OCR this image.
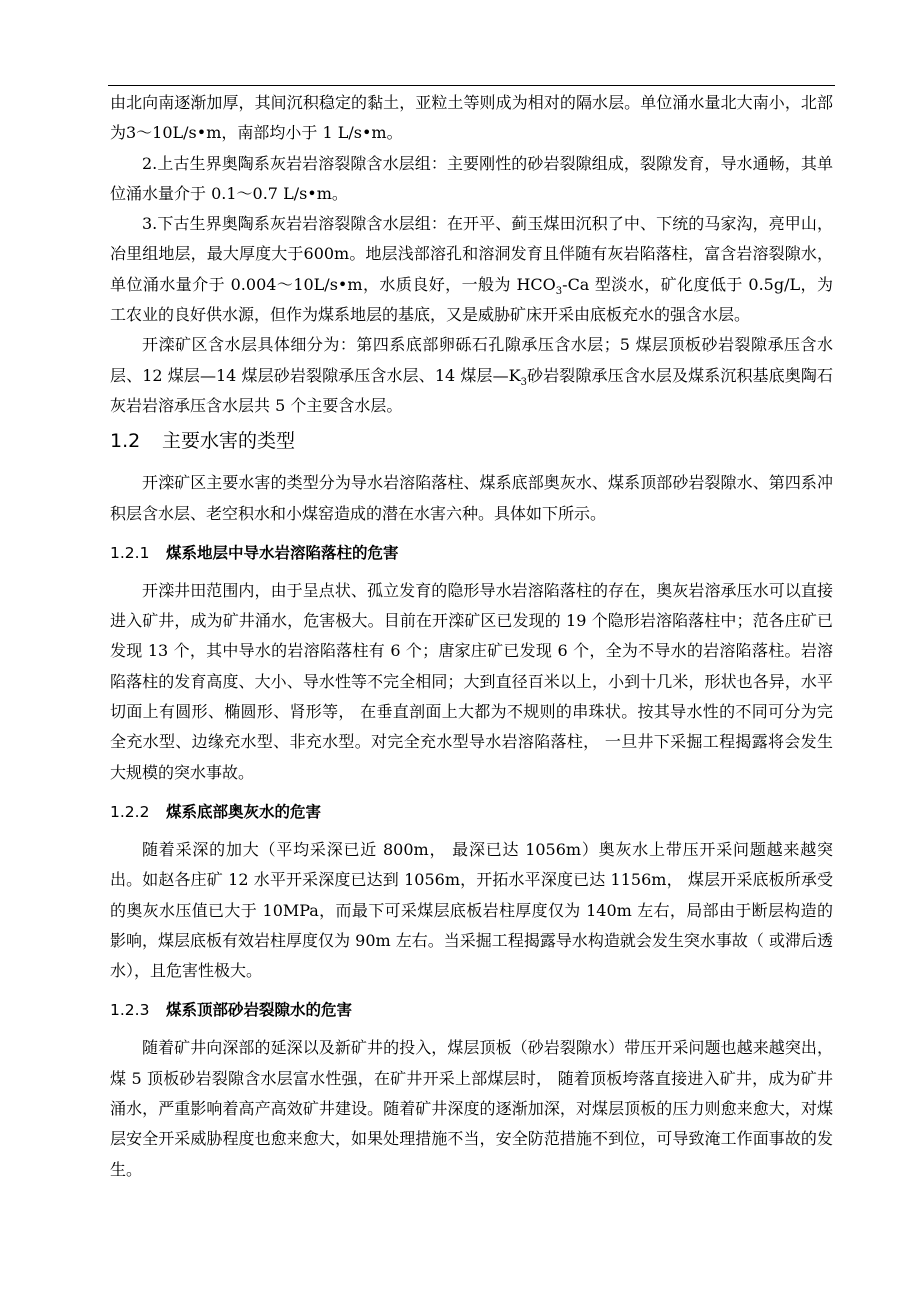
由北向南逐渐加厚，其间沉积稳定的黏土，亚粒土等则成为相对的隔水层。单位涌水量北大南小，北部为3～10L/s•m，南部均小于 1 L/s•m。

2.上古生界奥陶系灰岩岩溶裂隙含水层组：主要刚性的砂岩裂隙组成，裂隙发育，导水通畅，其单位涌水量介于 0.1～0.7 L/s•m。

3.下古生界奥陶系灰岩岩溶裂隙含水层组：在开平、蓟玉煤田沉积了中、下统的马家沟，亮甲山，冶里组地层，最大厚度大于600m。地层浅部溶孔和溶洞发育且伴随有灰岩陷落柱，富含岩溶裂隙水，单位涌水量介于 0.004～10L/s•m，水质良好，一般为 $HCO_3-Ca$ 型淡水，矿化度低于 0.5g/L，为工农业的良好供水源，但作为煤系地层的基底，又是威胁矿床开采由底板充水的强含水层。

开滦矿区含水层具体细分为：第四系底部卵砾石孔隙承压含水层；5 煤层顶板砂岩裂隙承压含水层、12 煤层—14 煤层砂岩裂隙承压含水层、14 煤层$—K_3$砂岩裂隙承压含水层及煤系沉积基底奥陶石灰岩岩溶承压含水层共 5 个主要含水层。

1.2 主要水害的类型

开滦矿区主要水害的类型分为导水岩溶陷落柱、煤系底部奥灰水、煤系顶部砂岩裂隙水、第四系冲积层含水层、老空积水和小煤窑造成的潜在水害六种。具体如下所示。

1.2.1 煤系地层中导水岩溶陷落柱的危害

开滦井田范围内，由于呈点状、孤立发育的隐形导水岩溶陷落柱的存在，奥灰岩溶承压水可以直接进入矿井，成为矿井涌水，危害极大。目前在开滦矿区已发现的 19 个隐形岩溶陷落柱中；范各庄矿已发现 13 个，其中导水的岩溶陷落柱有 6 个；唐家庄矿已发现 6 个，全为不导水的岩溶陷落柱。岩溶陷落柱的发育高度、大小、导水性等不完全相同；大到直径百米以上，小到十几米，形状也各异，水平切面上有圆形、椭圆形、肾形等， 在垂直剖面上大都为不规则的串珠状。按其导水性的不同可分为完全充水型、边缘充水型、非充水型。对完全充水型导水岩溶陷落柱， 一旦井下采掘工程揭露将会发生大规模的突水事故。

1.2.2 煤系底部奥灰水的危害

随着采深的加大（平均采深已近 800m， 最深已达 1056m）奥灰水上带压开采问题越来越突出。如赵各庄矿 12 水平开采深度已达到 1056m，开拓水平深度已达 1156m， 煤层开采底板所承受的奥灰水压值已大于 10MPa，而最下可采煤层底板岩柱厚度仅为 140m 左右，局部由于断层构造的影响，煤层底板有效岩柱厚度仅为 90m 左右。当采掘工程揭露导水构造就会发生突水事故（ 或滞后透水），且危害性极大。

1.2.3 煤系顶部砂岩裂隙水的危害

随着矿井向深部的延深以及新矿井的投入，煤层顶板（砂岩裂隙水）带压开采问题也越来越突出，煤 5 顶板砂岩裂隙含水层富水性强，在矿井开采上部煤层时， 随着顶板垮落直接进入矿井，成为矿井涌水，严重影响着高产高效矿井建设。随着矿井深度的逐渐加深，对煤层顶板的压力则愈来愈大，对煤层安全开采威胁程度也愈来愈大，如果处理措施不当，安全防范措施不到位，可导致淹工作面事故的发生。
